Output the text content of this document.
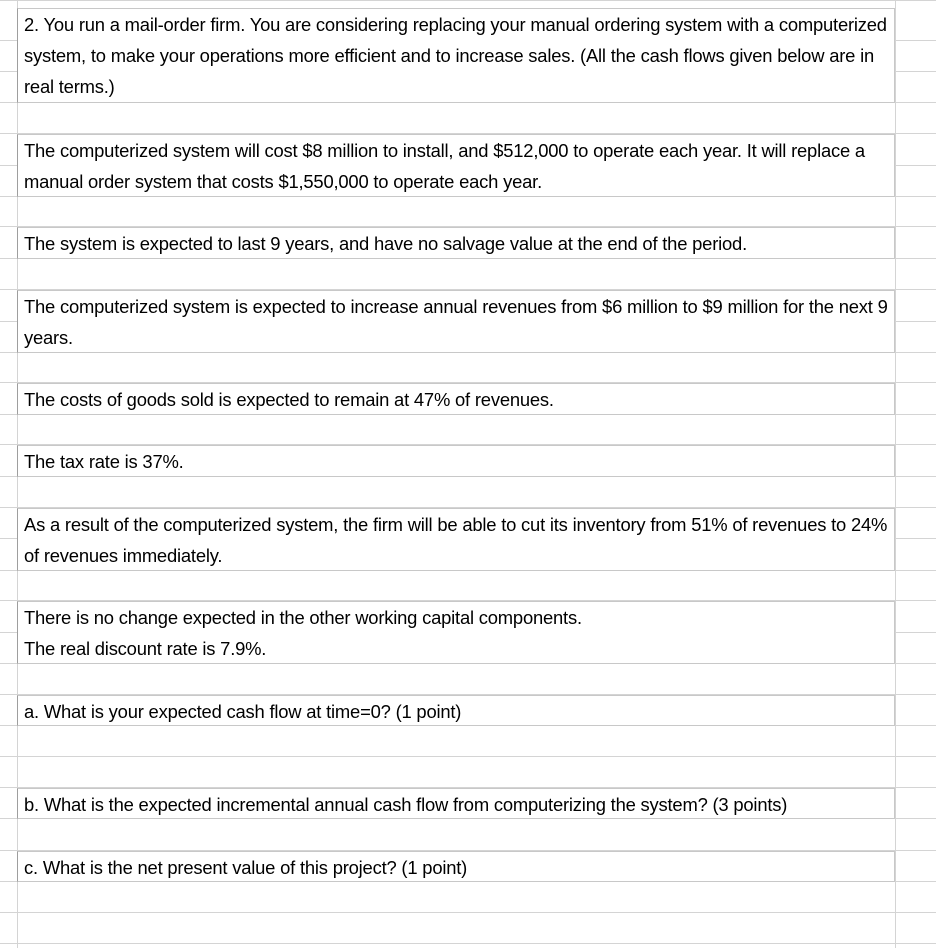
2. You run a mail-order firm. You are considering replacing your manual ordering system with a computerized system, to make your operations more efficient and to increase sales. (All the cash flows given below are in real terms.)

The computerized system will cost $8 million to install, and $512,000 to operate each year. It will replace a manual order system that costs $1,550,000 to operate each year.

The system is expected to last 9 years, and have no salvage value at the end of the period.

The computerized system is expected to increase annual revenues from $6 million to $9 million for the next 9 years.

The costs of goods sold is expected to remain at 47% of revenues.

The tax rate is 37%.

As a result of the computerized system, the firm will be able to cut its inventory from 51% of revenues to 24% of revenues immediately.

There is no change expected in the other working capital components.

The real discount rate is 7.9%.

a. What is your expected cash flow at time=0? (1 point)

b. What is the expected incremental annual cash flow from computerizing the system? (3 points)

c. What is the net present value of this project? (1 point)
